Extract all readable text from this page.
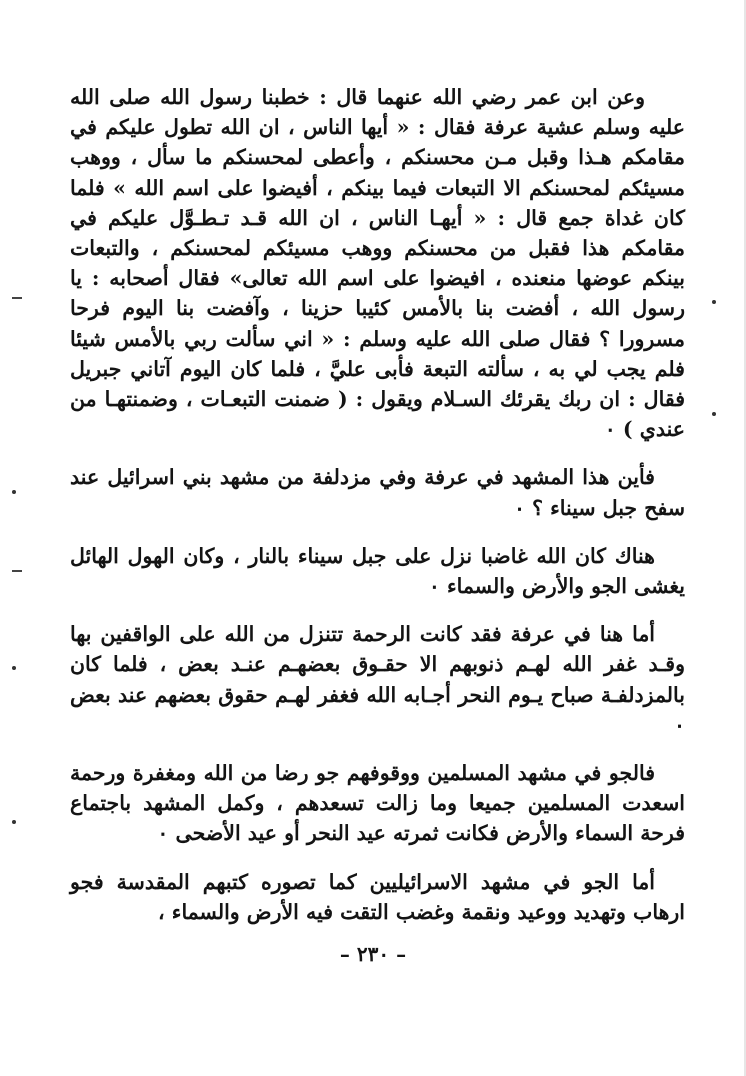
وعن ابن عمر رضي الله عنهما قال : خطبنا رسول الله صلى الله عليه وسلم عشية عرفة فقال : « أيها الناس ، ان الله تطول عليكم في مقامكم هـذا وقبل مـن محسنكم ، وأعطى لمحسنكم ما سأل ، ووهب مسيئكم لمحسنكم الا التبعات فيما بينكم ، أفيضوا على اسم الله » فلما كان غداة جمع قال : « أيهـا الناس ، ان الله قـد تـطـوَّل عليكم في مقامكم هذا فقبل من محسنكم ووهب مسيئكم لمحسنكم ، والتبعات بينكم عوضها منعنده ، افيضوا على اسم الله تعالى» فقال أصحابه : يا رسول الله ، أفضت بنا بالأمس كئيبا حزينا ، وآفضت بنا اليوم فرحا مسرورا ؟ فقال صلى الله عليه وسلم : « اني سألت ربي بالأمس شيئا فلم يجب لي به ، سألته التبعة فأبى عليَّ ، فلما كان اليوم آتاني جبريل فقال : ان ربك يقرئك السـلام ويقول : ( ضمنت التبعـات ، وضمنتهـا من عندي ) ٠

فأين هذا المشهد في عرفة وفي مزدلفة من مشهد بني اسرائيل عند سفح جبل سيناء ؟ ٠

هناك كان الله غاضبا نزل على جبل سيناء بالنار ، وكان الهول الهائل يغشى الجو والأرض والسماء ٠

أما هنا في عرفة فقد كانت الرحمة تتنزل من الله على الواقفين بها وقـد غفر الله لهـم ذنوبهم الا حقـوق بعضهـم عنـد بعض ، فلما كان بالمزدلفـة صباح يـوم النحر أجـابه الله فغفر لهـم حقوق بعضهم عند بعض ٠

فالجو في مشهد المسلمين ووقوفهم جو رضا من الله ومغفرة ورحمة اسعدت المسلمين جميعا وما زالت تسعدهم ، وكمل المشهد باجتماع فرحة السماء والأرض فكانت ثمرته عيد النحر أو عيد الأضحى ٠

أما الجو في مشهد الاسرائيليين كما تصوره كتبهم المقدسة فجو ارهاب وتهديد ووعيد ونقمة وغضب التقت فيه الأرض والسماء ،

– ٢٣٠ –
